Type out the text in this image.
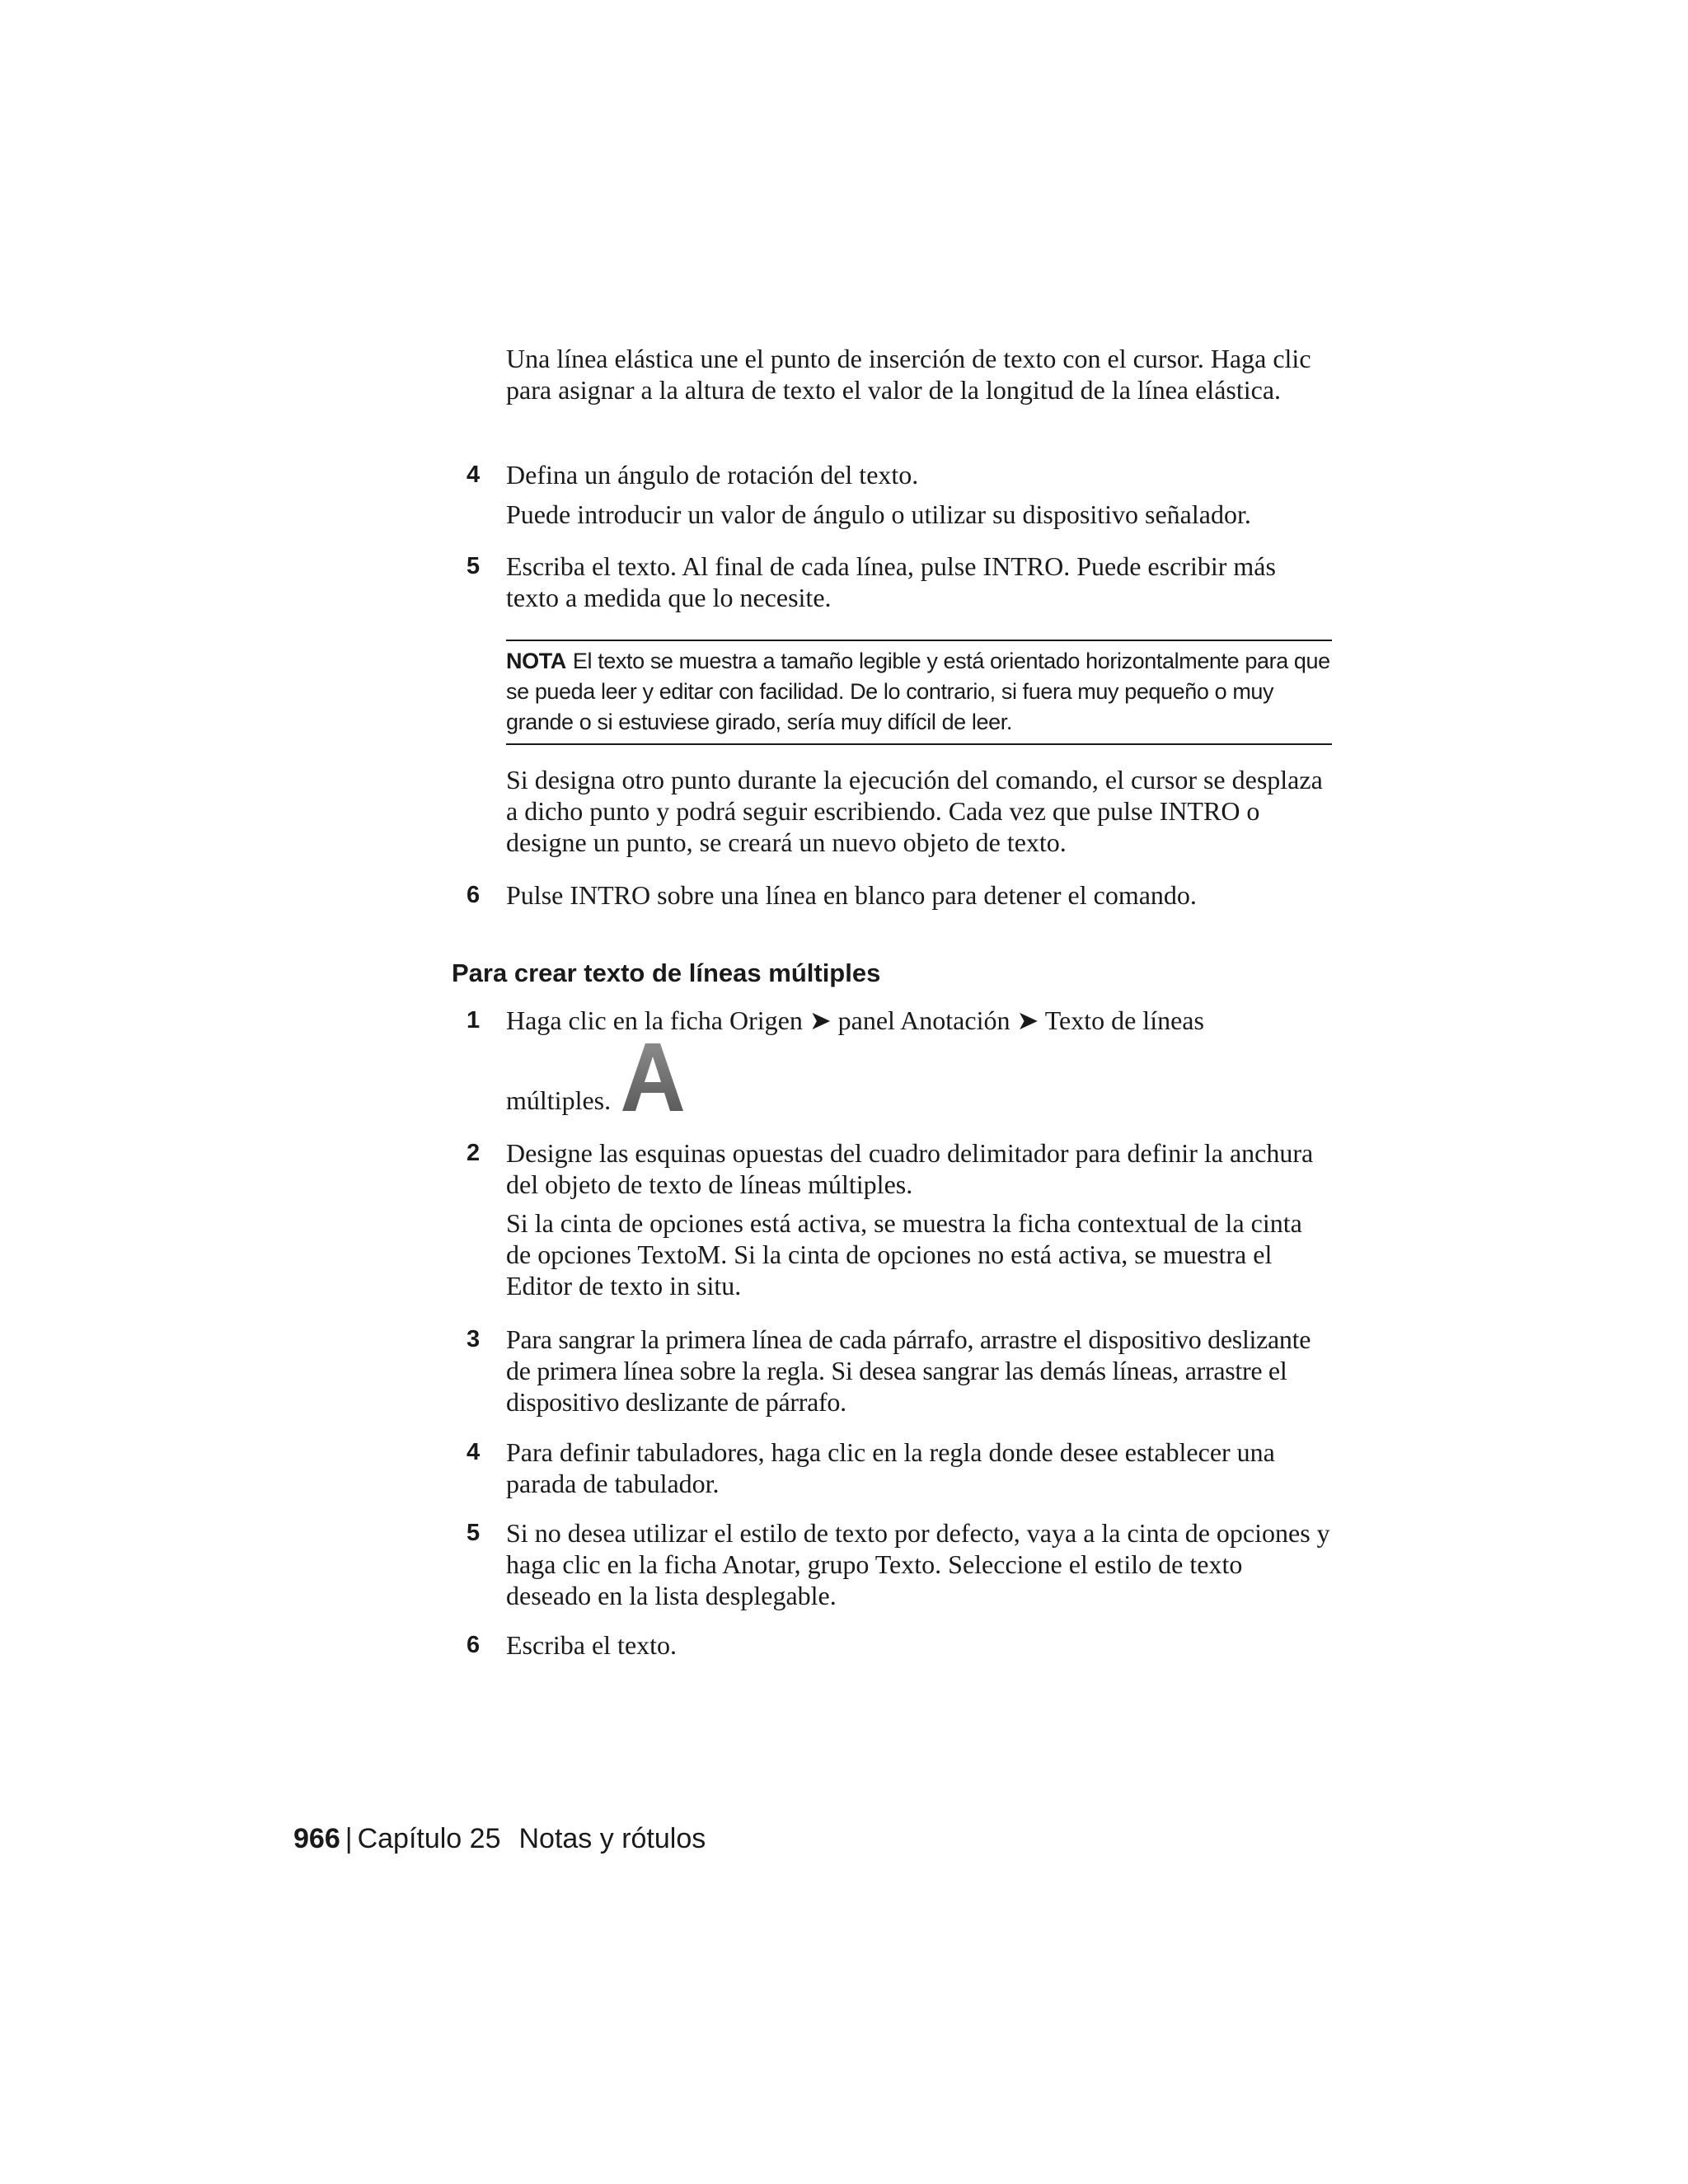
Una línea elástica une el punto de inserción de texto con el cursor. Haga clic para asignar a la altura de texto el valor de la longitud de la línea elástica.

4 Defina un ángulo de rotación del texto.

Puede introducir un valor de ángulo o utilizar su dispositivo señalador.

5 Escriba el texto. Al final de cada línea, pulse INTRO. Puede escribir más texto a medida que lo necesite.

NOTA El texto se muestra a tamaño legible y está orientado horizontalmente para que se pueda leer y editar con facilidad. De lo contrario, si fuera muy pequeño o muy grande o si estuviese girado, sería muy difícil de leer.

Si designa otro punto durante la ejecución del comando, el cursor se desplaza a dicho punto y podrá seguir escribiendo. Cada vez que pulse INTRO o designe un punto, se creará un nuevo objeto de texto.

6 Pulse INTRO sobre una línea en blanco para detener el comando.

Para crear texto de líneas múltiples
1 Haga clic en la ficha Origen ➤ panel Anotación ➤ Texto de líneas

múltiples.

2 Designe las esquinas opuestas del cuadro delimitador para definir la anchura del objeto de texto de líneas múltiples.

Si la cinta de opciones está activa, se muestra la ficha contextual de la cinta de opciones TextoM. Si la cinta de opciones no está activa, se muestra el Editor de texto in situ.

3 Para sangrar la primera línea de cada párrafo, arrastre el dispositivo deslizante de primera línea sobre la regla. Si desea sangrar las demás líneas, arrastre el dispositivo deslizante de párrafo.

4 Para definir tabuladores, haga clic en la regla donde desee establecer una parada de tabulador.

5 Si no desea utilizar el estilo de texto por defecto, vaya a la cinta de opciones y haga clic en la ficha Anotar, grupo Texto. Seleccione el estilo de texto deseado en la lista desplegable.

6 Escriba el texto.

966 | Capítulo 25 Notas y rótulos
